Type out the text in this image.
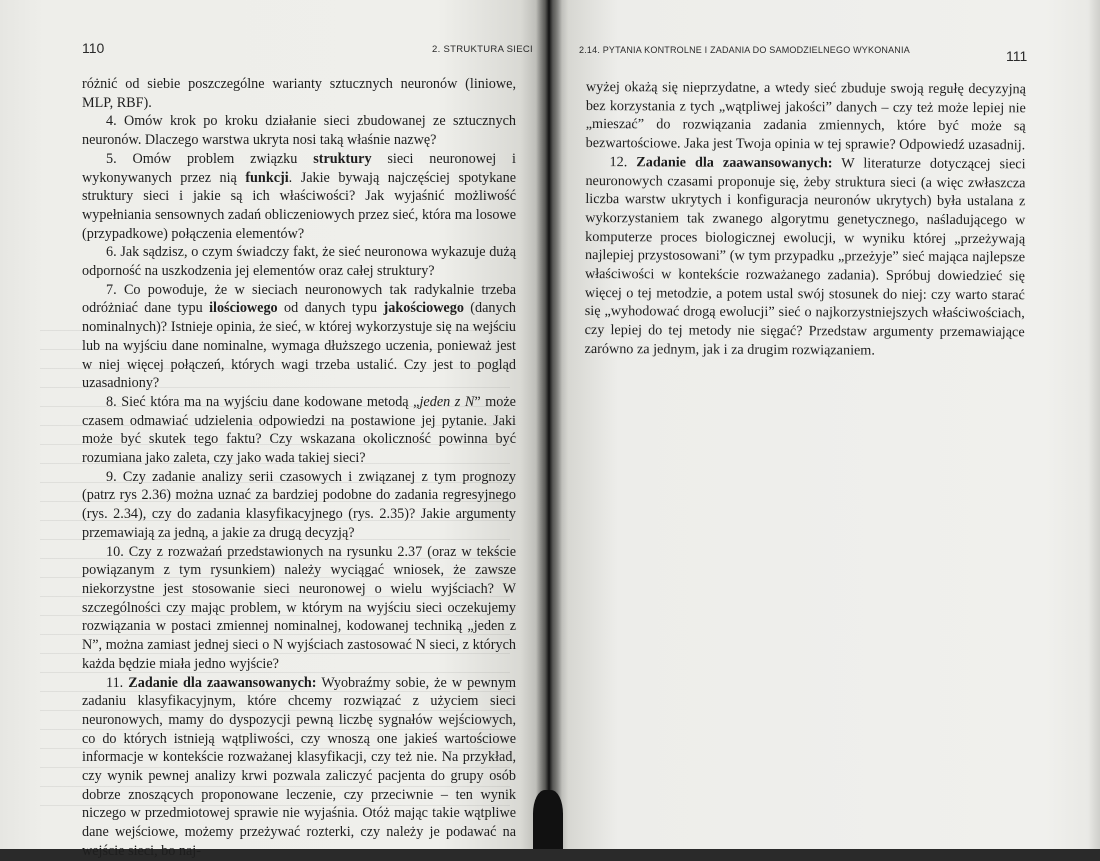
110	2. STRUKTURA SIECI

różnić od siebie poszczególne warianty sztucznych neuronów (liniowe, MLP, RBF).

4. Omów krok po kroku działanie sieci zbudowanej ze sztucznych neuronów. Dlaczego warstwa ukryta nosi taką właśnie nazwę?

5. Omów problem związku struktury sieci neuronowej i wykonywanych przez nią funkcji. Jakie bywają najczęściej spotykane struktury sieci i jakie są ich właściwości? Jak wyjaśnić możliwość wypełniania sensownych zadań obliczeniowych przez sieć, która ma losowe (przypadkowe) połączenia elementów?

6. Jak sądzisz, o czym świadczy fakt, że sieć neuronowa wykazuje dużą odporność na uszkodzenia jej elementów oraz całej struktury?

7. Co powoduje, że w sieciach neuronowych tak radykalnie trzeba odróżniać dane typu ilościowego od danych typu jakościowego (danych nominalnych)? Istnieje opinia, że sieć, w której wykorzystuje się na wejściu lub na wyjściu dane nominalne, wymaga dłuższego uczenia, ponieważ jest w niej więcej połączeń, których wagi trzeba ustalić. Czy jest to pogląd uzasadniony?

8. Sieć która ma na wyjściu dane kodowane metodą „jeden z N” może czasem odmawiać udzielenia odpowiedzi na postawione jej pytanie. Jaki może być skutek tego faktu? Czy wskazana okoliczność powinna być rozumiana jako zaleta, czy jako wada takiej sieci?

9. Czy zadanie analizy serii czasowych i związanej z tym prognozy (patrz rys 2.36) można uznać za bardziej podobne do zadania regresyjnego (rys. 2.34), czy do zadania klasyfikacyjnego (rys. 2.35)? Jakie argumenty przemawiają za jedną, a jakie za drugą decyzją?

10. Czy z rozważań przedstawionych na rysunku 2.37 (oraz w tekście powiązanym z tym rysunkiem) należy wyciągać wniosek, że zawsze niekorzystne jest stosowanie sieci neuronowej o wielu wyjściach? W szczególności czy mając problem, w którym na wyjściu sieci oczekujemy rozwiązania w postaci zmiennej nominalnej, kodowanej techniką „jeden z N”, można zamiast jednej sieci o N wyjściach zastosować N sieci, z których każda będzie miała jedno wyjście?

11. Zadanie dla zaawansowanych: Wyobraźmy sobie, że w pewnym zadaniu klasyfikacyjnym, które chcemy rozwiązać z użyciem sieci neuronowych, mamy do dyspozycji pewną liczbę sygnałów wejściowych, co do których istnieją wątpliwości, czy wnoszą one jakieś wartościowe informacje w kontekście rozważanej klasyfikacji, czy też nie. Na przykład, czy wynik pewnej analizy krwi pozwala zaliczyć pacjenta do grupy osób dobrze znoszących proponowane leczenie, czy przeciwnie – ten wynik niczego w przedmiotowej sprawie nie wyjaśnia. Otóż mając takie wątpliwe dane wejściowe, możemy przeżywać rozterki, czy należy je podawać na wejście sieci, bo naj-

2.14. PYTANIA KONTROLNE I ZADANIA DO SAMODZIELNEGO WYKONANIA	111

wyżej okażą się nieprzydatne, a wtedy sieć zbuduje swoją regułę decyzyjną bez korzystania z tych „wątpliwej jakości” danych – czy też może lepiej nie „mieszać” do rozwiązania zadania zmiennych, które być może są bezwartościowe. Jaka jest Twoja opinia w tej sprawie? Odpowiedź uzasadnij.

12. Zadanie dla zaawansowanych: W literaturze dotyczącej sieci neuronowych czasami proponuje się, żeby struktura sieci (a więc zwłaszcza liczba warstw ukrytych i konfiguracja neuronów ukrytych) była ustalana z wykorzystaniem tak zwanego algorytmu genetycznego, naśladującego w komputerze proces biologicznej ewolucji, w wyniku której „przeżywają najlepiej przystosowani” (w tym przypadku „przeżyje” sieć mająca najlepsze właściwości w kontekście rozważanego zadania). Spróbuj dowiedzieć się więcej o tej metodzie, a potem ustal swój stosunek do niej: czy warto starać się „wyhodować drogą ewolucji” sieć o najkorzystniejszych właściwościach, czy lepiej do tej metody nie sięgać? Przedstaw argumenty przemawiające zarówno za jednym, jak i za drugim rozwiązaniem.
